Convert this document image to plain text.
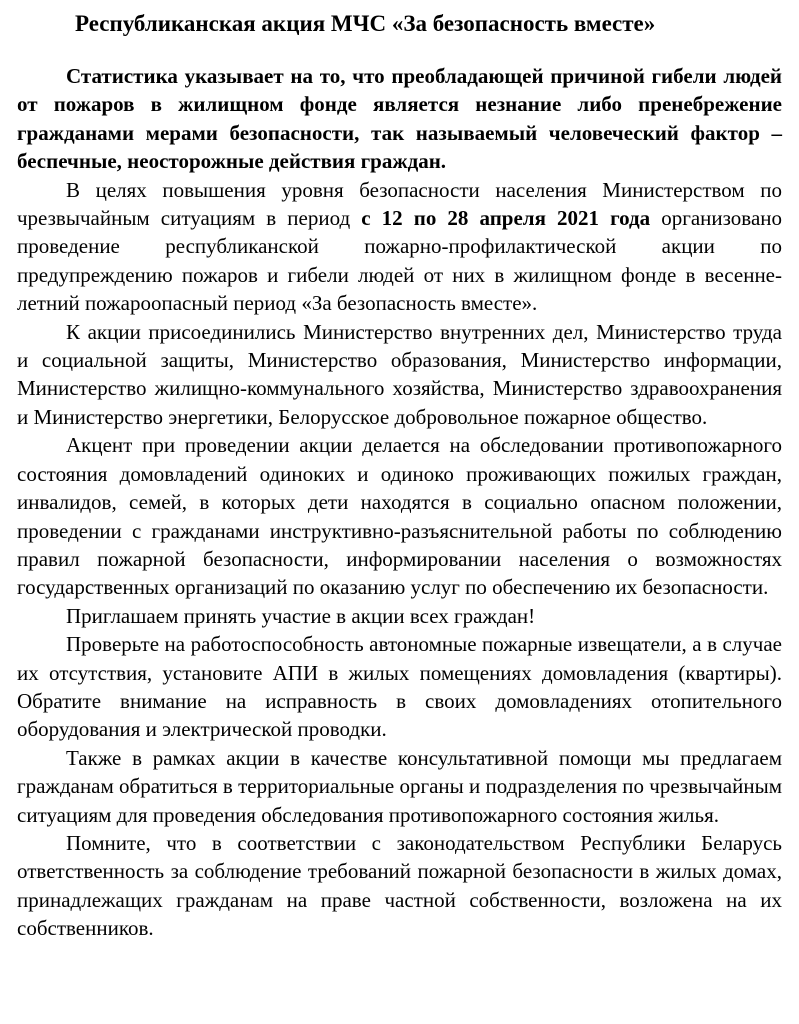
Республиканская акция МЧС «За безопасность вместе»

Статистика указывает на то, что преобладающей причиной гибели людей от пожаров в жилищном фонде является незнание либо пренебрежение гражданами мерами безопасности, так называемый человеческий фактор – беспечные, неосторожные действия граждан.

В целях повышения уровня безопасности населения Министерством по чрезвычайным ситуациям в период с 12 по 28 апреля 2021 года организовано проведение республиканской пожарно-профилактической акции по предупреждению пожаров и гибели людей от них в жилищном фонде в весенне-летний пожароопасный период «За безопасность вместе».

К акции присоединились Министерство внутренних дел, Министерство труда и социальной защиты, Министерство образования, Министерство информации, Министерство жилищно-коммунального хозяйства, Министерство здравоохранения и Министерство энергетики, Белорусское добровольное пожарное общество.

Акцент при проведении акции делается на обследовании противопожарного состояния домовладений одиноких и одиноко проживающих пожилых граждан, инвалидов, семей, в которых дети находятся в социально опасном положении, проведении с гражданами инструктивно-разъяснительной работы по соблюдению правил пожарной безопасности, информировании населения о возможностях государственных организаций по оказанию услуг по обеспечению их безопасности.

Приглашаем принять участие в акции всех граждан!

Проверьте на работоспособность автономные пожарные извещатели, а в случае их отсутствия, установите АПИ в жилых помещениях домовладения (квартиры). Обратите внимание на исправность в своих домовладениях отопительного оборудования и электрической проводки.

Также в рамках акции в качестве консультативной помощи мы предлагаем гражданам обратиться в территориальные органы и подразделения по чрезвычайным ситуациям для проведения обследования противопожарного состояния жилья.

Помните, что в соответствии с законодательством Республики Беларусь ответственность за соблюдение требований пожарной безопасности в жилых домах, принадлежащих гражданам на праве частной собственности, возложена на их собственников.
